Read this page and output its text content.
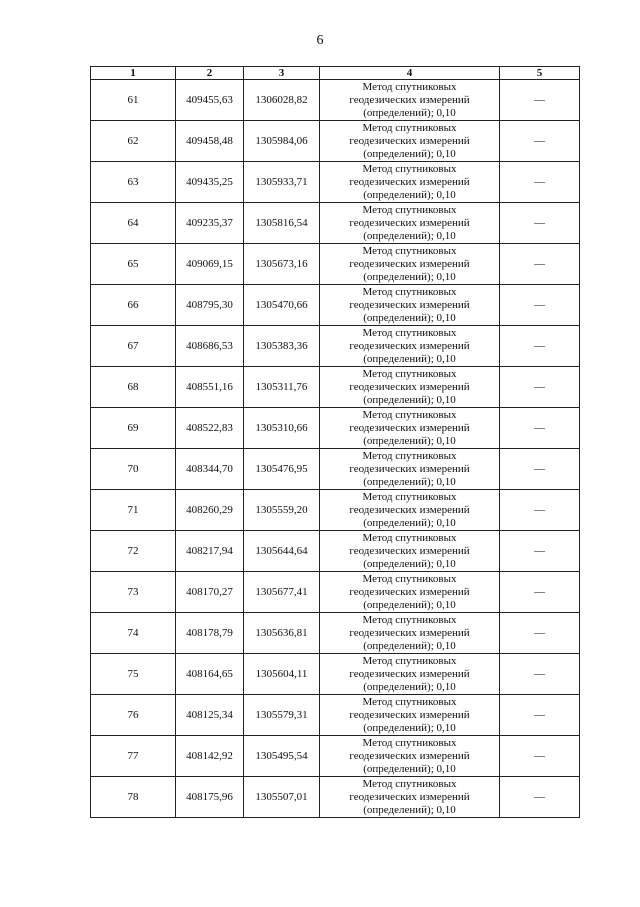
6
1	2	3	4	5
61	409455,63	1306028,82	Метод спутниковых
геодезических измерений
(определений); 0,10	—
62	409458,48	1305984,06	Метод спутниковых
геодезических измерений
(определений); 0,10	—
63	409435,25	1305933,71	Метод спутниковых
геодезических измерений
(определений); 0,10	—
64	409235,37	1305816,54	Метод спутниковых
геодезических измерений
(определений); 0,10	—
65	409069,15	1305673,16	Метод спутниковых
геодезических измерений
(определений); 0,10	—
66	408795,30	1305470,66	Метод спутниковых
геодезических измерений
(определений); 0,10	—
67	408686,53	1305383,36	Метод спутниковых
геодезических измерений
(определений); 0,10	—
68	408551,16	1305311,76	Метод спутниковых
геодезических измерений
(определений); 0,10	—
69	408522,83	1305310,66	Метод спутниковых
геодезических измерений
(определений); 0,10	—
70	408344,70	1305476,95	Метод спутниковых
геодезических измерений
(определений); 0,10	—
71	408260,29	1305559,20	Метод спутниковых
геодезических измерений
(определений); 0,10	—
72	408217,94	1305644,64	Метод спутниковых
геодезических измерений
(определений); 0,10	—
73	408170,27	1305677,41	Метод спутниковых
геодезических измерений
(определений); 0,10	—
74	408178,79	1305636,81	Метод спутниковых
геодезических измерений
(определений); 0,10	—
75	408164,65	1305604,11	Метод спутниковых
геодезических измерений
(определений); 0,10	—
76	408125,34	1305579,31	Метод спутниковых
геодезических измерений
(определений); 0,10	—
77	408142,92	1305495,54	Метод спутниковых
геодезических измерений
(определений); 0,10	—
78	408175,96	1305507,01	Метод спутниковых
геодезических измерений
(определений); 0,10	—
